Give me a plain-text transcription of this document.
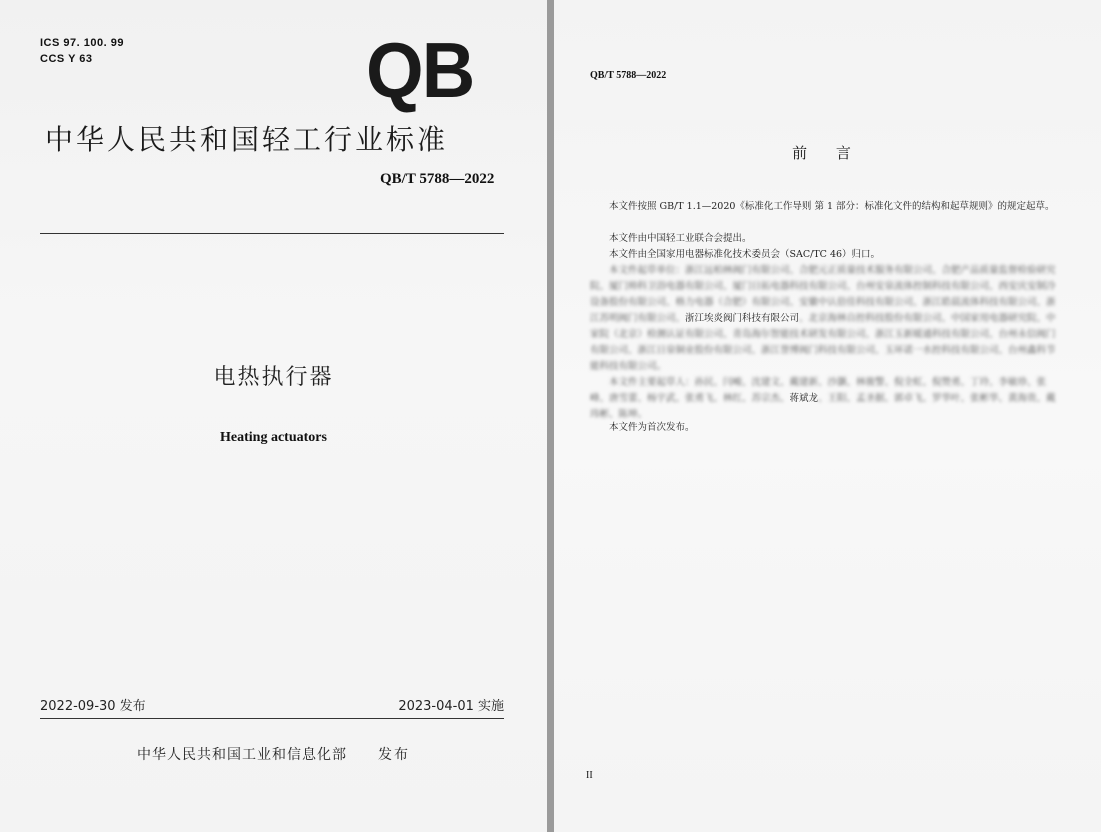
ICS 97. 100. 99
CCS Y 63	QB
中华人民共和国轻工行业标准
QB/T 5788—2022
电热执行器
Heating actuators
2022-09-30 发布	2023-04-01 实施
中华人民共和国工业和信息化部 发布
QB/T 5788—2022
前 言
本文件按照 GB/T 1.1—2020《标准化工作导则 第 1 部分：标准化文件的结构和起草规则》的规定起草。
本文件由中国轻工业联合会提出。
本文件由全国家用电器标准化技术委员会（SAC/TC 46）归口。
本文件起草单位：浙江远柏林阀门有限公司、合肥元正质量技术服务有限公司、合肥产品质量监督检验研究院、厦门帅科卫浴电器有限公司、厦门日拓电器科技有限公司、台州安泉流体控制科技有限公司、西安庆安制冷设备股份有限公司、格力电器（合肥）有限公司、安徽中认倍佳科技有限公司、浙江皓晨流体科技有限公司、浙江苏明阀门有限公司、浙江埃炎阀门科技有限公司、北京海林自控科技股份有限公司、中国家用电器研究院、中家院（北京）检测认证有限公司、青岛海尔智能技术研发有限公司、浙江玉新暖通科技有限公司、台州永信阀门有限公司、浙江日泉铜业股份有限公司、浙江誉博阀门科技有限公司、玉环诺一水控科技有限公司、台州鑫科节能科技有限公司。
本文件主要起草人：孙民、闫峻、沈建文、戴建新、沙灏、林骏警、倪全虹、倪赞勇、丁玲、李敏珍、张峰、唐雪蕾、杨宇武、张勇飞、林红、苏宗杰、蒋斌龙、王阳、孟圣据、郭卓飞、罗华叶、张彬华、黄海贵、戴玮彬、陈坤。
本文件为首次发布。
II
